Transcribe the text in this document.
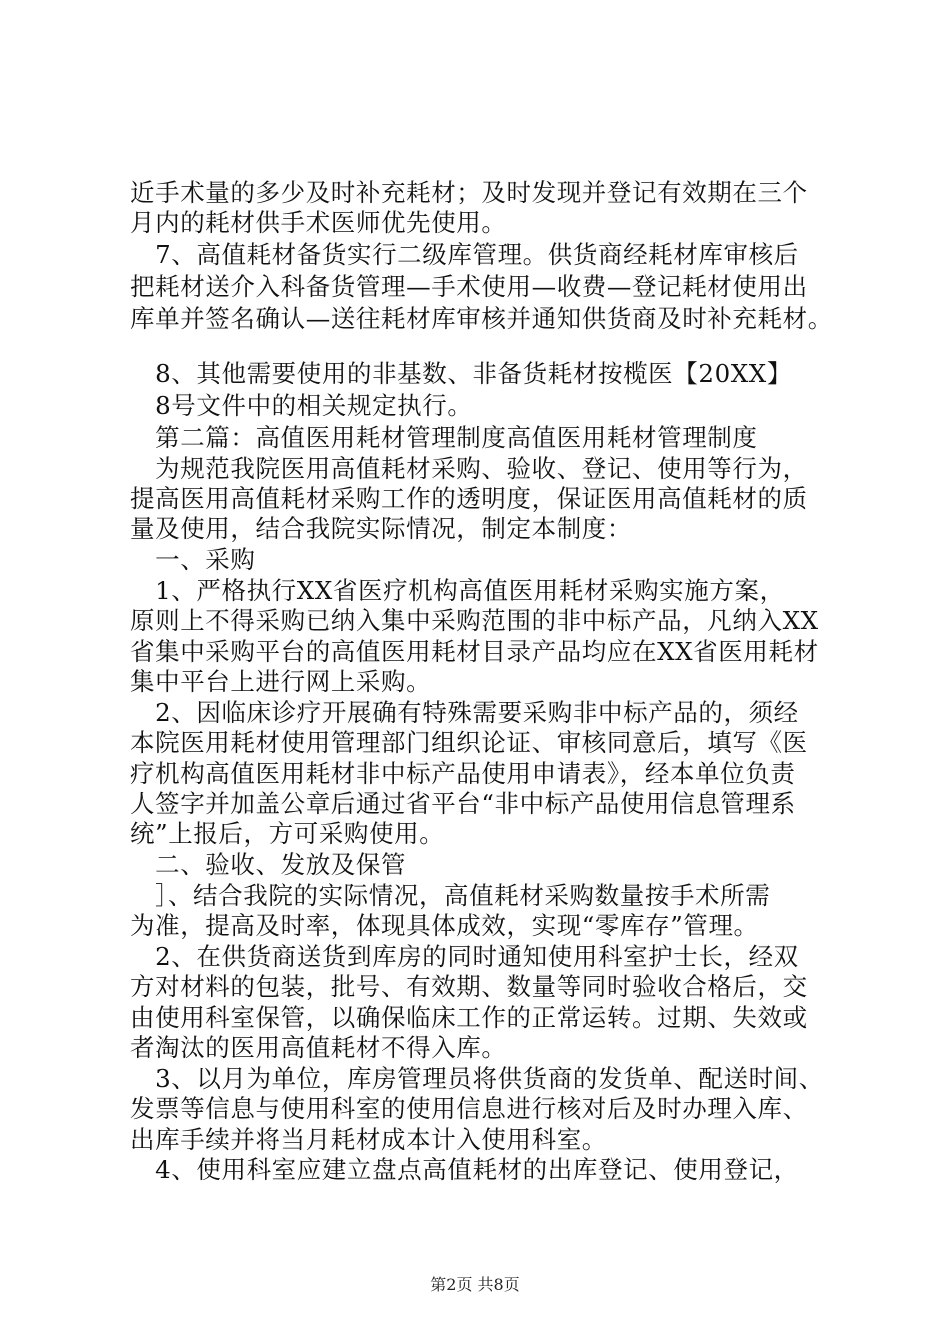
近手术量的多少及时补充耗材；及时发现并登记有效期在三个
月内的耗材供手术医师优先使用。
　7、高值耗材备货实行二级库管理。供货商经耗材库审核后
把耗材送介入科备货管理—手术使用—收费—登记耗材使用出
库单并签名确认—送往耗材库审核并通知供货商及时补充耗材。
　8、其他需要使用的非基数、非备货耗材按榄医【20XX】
　8号文件中的相关规定执行。
　第二篇：高值医用耗材管理制度高值医用耗材管理制度
　为规范我院医用高值耗材采购、验收、登记、使用等行为，
提高医用高值耗材采购工作的透明度，保证医用高值耗材的质
量及使用，结合我院实际情况，制定本制度：
　一、采购
　1、严格执行XX省医疗机构高值医用耗材采购实施方案，
原则上不得采购已纳入集中采购范围的非中标产品，凡纳入XX
省集中采购平台的高值医用耗材目录产品均应在XX省医用耗材
集中平台上进行网上采购。
　2、因临床诊疗开展确有特殊需要采购非中标产品的，须经
本院医用耗材使用管理部门组织论证、审核同意后，填写《医
疗机构高值医用耗材非中标产品使用申请表》，经本单位负责
人签字并加盖公章后通过省平台“非中标产品使用信息管理系
统”上报后，方可采购使用。
　二、验收、发放及保管
　］、结合我院的实际情况，高值耗材采购数量按手术所需
为准，提高及时率，体现具体成效，实现“零库存”管理。
　2、在供货商送货到库房的同时通知使用科室护士长，经双
方对材料的包装，批号、有效期、数量等同时验收合格后，交
由使用科室保管，以确保临床工作的正常运转。过期、失效或
者淘汰的医用高值耗材不得入库。
　3、以月为单位，库房管理员将供货商的发货单、配送时间、
发票等信息与使用科室的使用信息进行核对后及时办理入库、
出库手续并将当月耗材成本计入使用科室。
　4、使用科室应建立盘点高值耗材的出库登记、使用登记，
第2页 共8页
